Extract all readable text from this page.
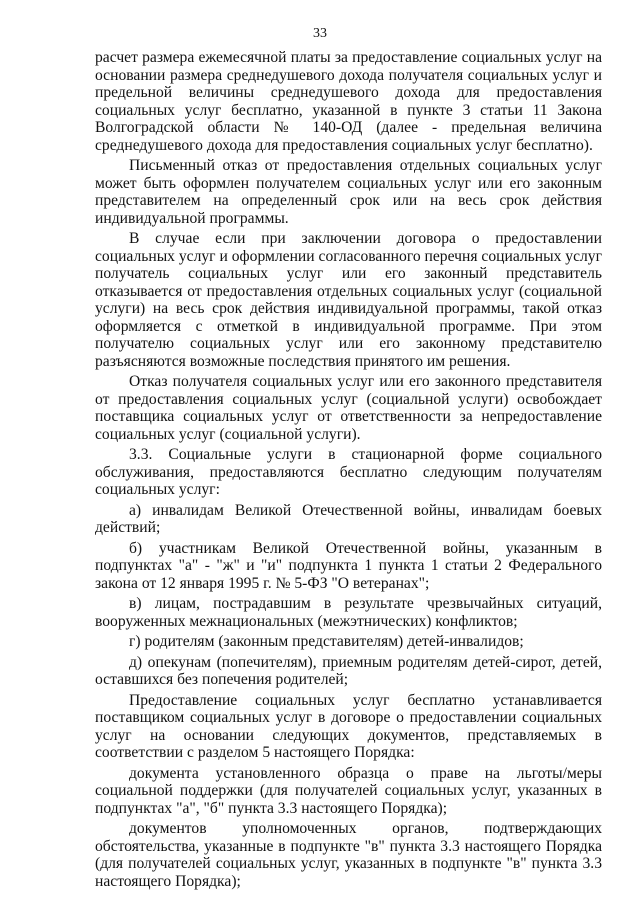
33

расчет размера ежемесячной платы за предоставление социальных услуг на основании размера среднедушевого дохода получателя социальных услуг и предельной величины среднедушевого дохода для предоставления социальных услуг бесплатно, указанной в пункте 3 статьи 11 Закона Волгоградской области № 140-ОД (далее - предельная величина среднедушевого дохода для предоставления социальных услуг бесплатно).

Письменный отказ от предоставления отдельных социальных услуг может быть оформлен получателем социальных услуг или его законным представителем на определенный срок или на весь срок действия индивидуальной программы.

В случае если при заключении договора о предоставлении социальных услуг и оформлении согласованного перечня социальных услуг получатель социальных услуг или его законный представитель отказывается от предоставления отдельных социальных услуг (социальной услуги) на весь срок действия индивидуальной программы, такой отказ оформляется с отметкой в индивидуальной программе. При этом получателю социальных услуг или его законному представителю разъясняются возможные последствия принятого им решения.

Отказ получателя социальных услуг или его законного представителя от предоставления социальных услуг (социальной услуги) освобождает поставщика социальных услуг от ответственности за непредоставление социальных услуг (социальной услуги).

3.3. Социальные услуги в стационарной форме социального обслуживания, предоставляются бесплатно следующим получателям социальных услуг:

а) инвалидам Великой Отечественной войны, инвалидам боевых действий;

б) участникам Великой Отечественной войны, указанным в подпунктах "а" - "ж" и "и" подпункта 1 пункта 1 статьи 2 Федерального закона от 12 января 1995 г. № 5-ФЗ "О ветеранах";

в) лицам, пострадавшим в результате чрезвычайных ситуаций, вооруженных межнациональных (межэтнических) конфликтов;

г) родителям (законным представителям) детей-инвалидов;

д) опекунам (попечителям), приемным родителям детей-сирот, детей, оставшихся без попечения родителей;

Предоставление социальных услуг бесплатно устанавливается поставщиком социальных услуг в договоре о предоставлении социальных услуг на основании следующих документов, представляемых в соответствии с разделом 5 настоящего Порядка:

документа установленного образца о праве на льготы/меры социальной поддержки (для получателей социальных услуг, указанных в подпунктах "а", "б" пункта 3.3 настоящего Порядка);

документов уполномоченных органов, подтверждающих обстоятельства, указанные в подпункте "в" пункта 3.3 настоящего Порядка (для получателей социальных услуг, указанных в подпункте "в" пункта 3.3 настоящего Порядка);
